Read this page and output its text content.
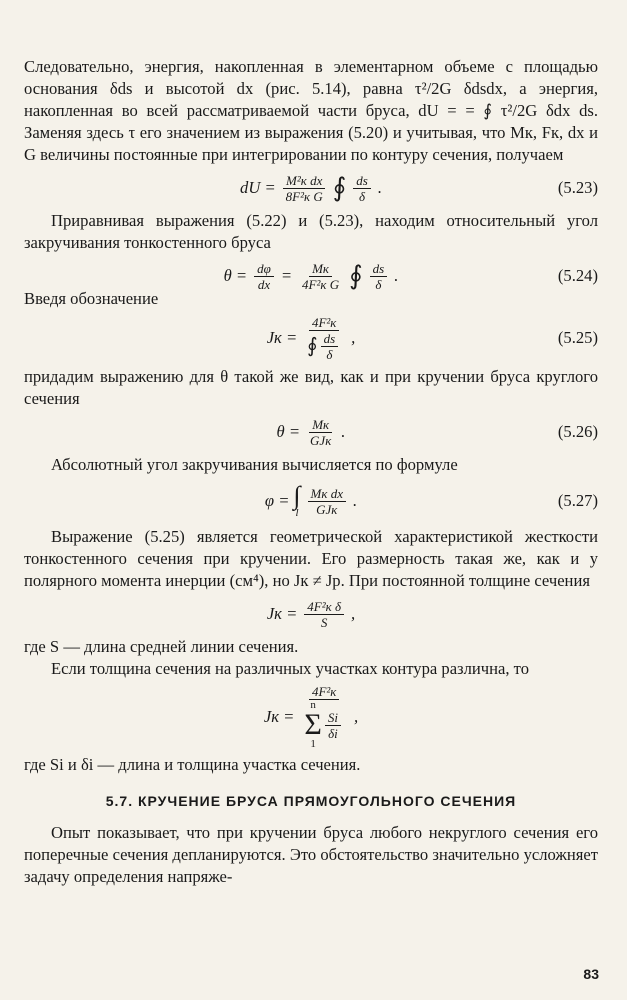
Следовательно, энергия, накопленная в элементарном объеме с площадью основания δds и высотой dx (рис. 5.14), равна τ²/2G δdsdx, а энергия, накопленная во всей рассматриваемой части бруса, dU = = ∮ τ²/2G δdx ds. Заменяя здесь τ его значением из выражения (5.20) и учитывая, что Mк, Fк, dx и G величины постоянные при интегрировании по контуру сечения, получаем

dU = $\frac{\text{M²к dx}}{\text{8F²к G}}$ ∮ $\frac{ds}{\delta}$ .	(5.23)

Приравнивая выражения (5.22) и (5.23), находим относительный угол закручивания тонкостенного бруса

$\theta = \frac{d\varphi}{dx} = \frac{Mк}{\text{4F²к G}}$ ∮ $\frac{ds}{\delta}$ .	(5.24)

Введя обозначение

Jк = $\frac{\text{4F²к}}{∮ \frac{ds}{\delta}}$ ,	(5.25)

придадим выражению для θ такой же вид, как и при кручении бруса круглого сечения

$\theta = \frac{Mк}{\text{GJк}}$ .	(5.26)

Абсолютный угол закручивания вычисляется по формуле

φ = ∫
l $\frac{\text{Mк dx}}{\text{GJк}}$ .	(5.27)

Выражение (5.25) является геометрической характеристикой жесткости тонкостенного сечения при кручении. Его размерность такая же, как и у полярного момента инерции (см⁴), но Jк ≠ Jp. При постоянной толщине сечения

Jк = $\frac{\text{4F²к δ}}{S}$ ,

где S — длина средней линии сечения.

Если толщина сечения на различных участках контура различна, то

Jк = 4F²к
n
Σ
1
$\frac{Si}{\delta i}$ ,

где Si и δi — длина и толщина участка сечения.

5.7. КРУЧЕНИЕ БРУСА ПРЯМОУГОЛЬНОГО СЕЧЕНИЯ

Опыт показывает, что при кручении бруса любого некруглого сечения его поперечные сечения депланируются. Это обстоятельство значительно усложняет задачу определения напряже-

83
